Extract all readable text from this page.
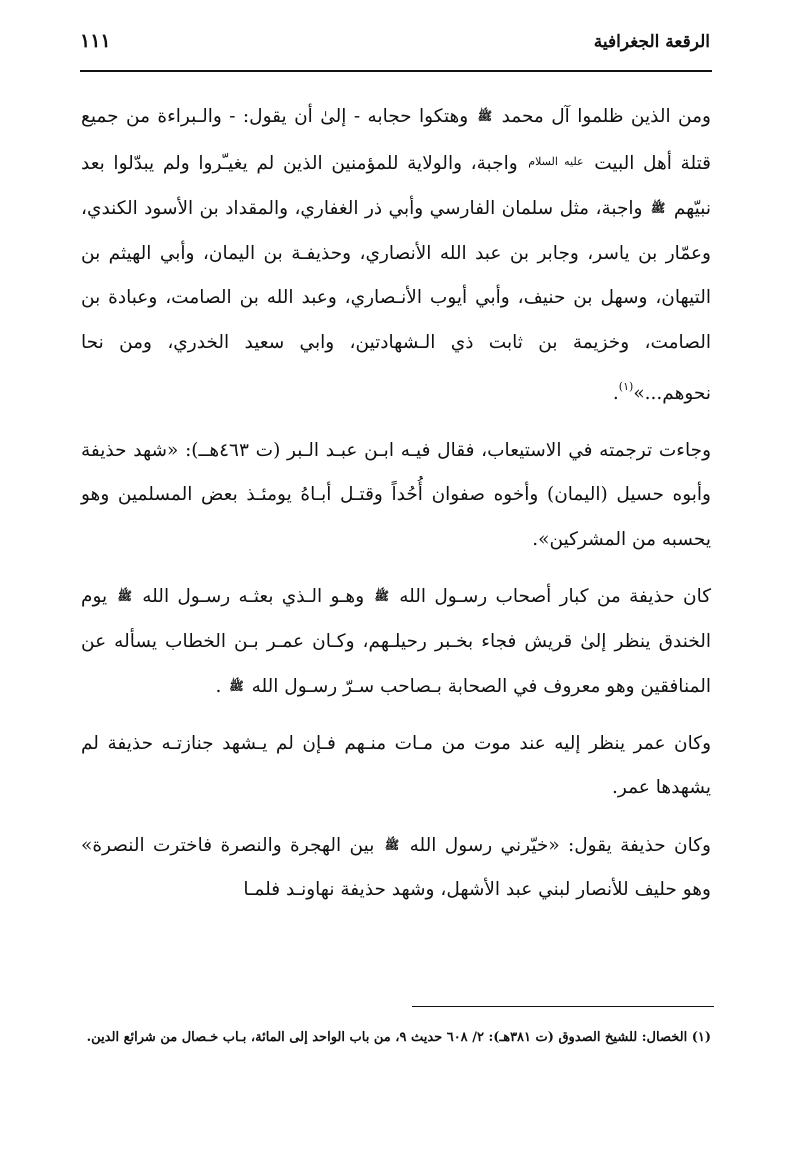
الرقعة الجغرافية
١١١

ومن الذين ظلموا آل محمد ﷺ وهتكوا حجابه - إلىٰ أن يقول: - والـبراءة من جميع قتلة أهل البيت $^{عليه السلام}$ واجبة، والولاية للمؤمنين الذين لم يغيـّروا ولم يبدّلوا بعد نبيّهم ﷺ واجبة، مثل سلمان الفارسي وأبي ذر الغفاري، والمقداد بن الأسود الكندي، وعمّار بن ياسر، وجابر بن عبد الله الأنصاري، وحذيفـة بن اليمان، وأبي الهيثم بن التيهان، وسهل بن حنيف، وأبي أيوب الأنـصاري، وعبد الله بن الصامت، وعبادة بن الصامت، وخزيمة بن ثابت ذي الـشهادتين، وابي سعيد الخدري، ومن نحا نحوهم...»$^{(١)}$.

وجاءت ترجمته في الاستيعاب، فقال فيـه ابـن عبـد الـبر (ت ٤٦٣هــ): «شهد حذيفة وأبوه حسيل (اليمان) وأخوه صفوان أُحُداً وقتـل أبـاهُ يومئـذ بعض المسلمين وهو يحسبه من المشركين».

كان حذيفة من كبار أصحاب رسـول الله ﷺ وهـو الـذي بعثـه رسـول الله ﷺ يوم الخندق ينظر إلىٰ قريش فجاء بخـبر رحيلـهم، وكـان عمـر بـن الخطاب يسأله عن المنافقين وهو معروف في الصحابة بـصاحب سـرّ رسـول الله ﷺ .

وكان عمر ينظر إليه عند موت من مـات منـهم فـإن لم يـشهد جنازتـه حذيفة لم يشهدها عمر.

وكان حذيفة يقول: «خيّرني رسول الله ﷺ بين الهجرة والنصرة فاخترت النصرة» وهو حليف للأنصار لبني عبد الأشهل، وشهد حذيفة نهاونـد فلمـا

(١) الخصال: للشيخ الصدوق (ت ٣٨١هـ): ٢/ ٦٠٨ حديث ٩، من باب الواحد إلى المائة، بـاب خـصال من شرائع الدين.
